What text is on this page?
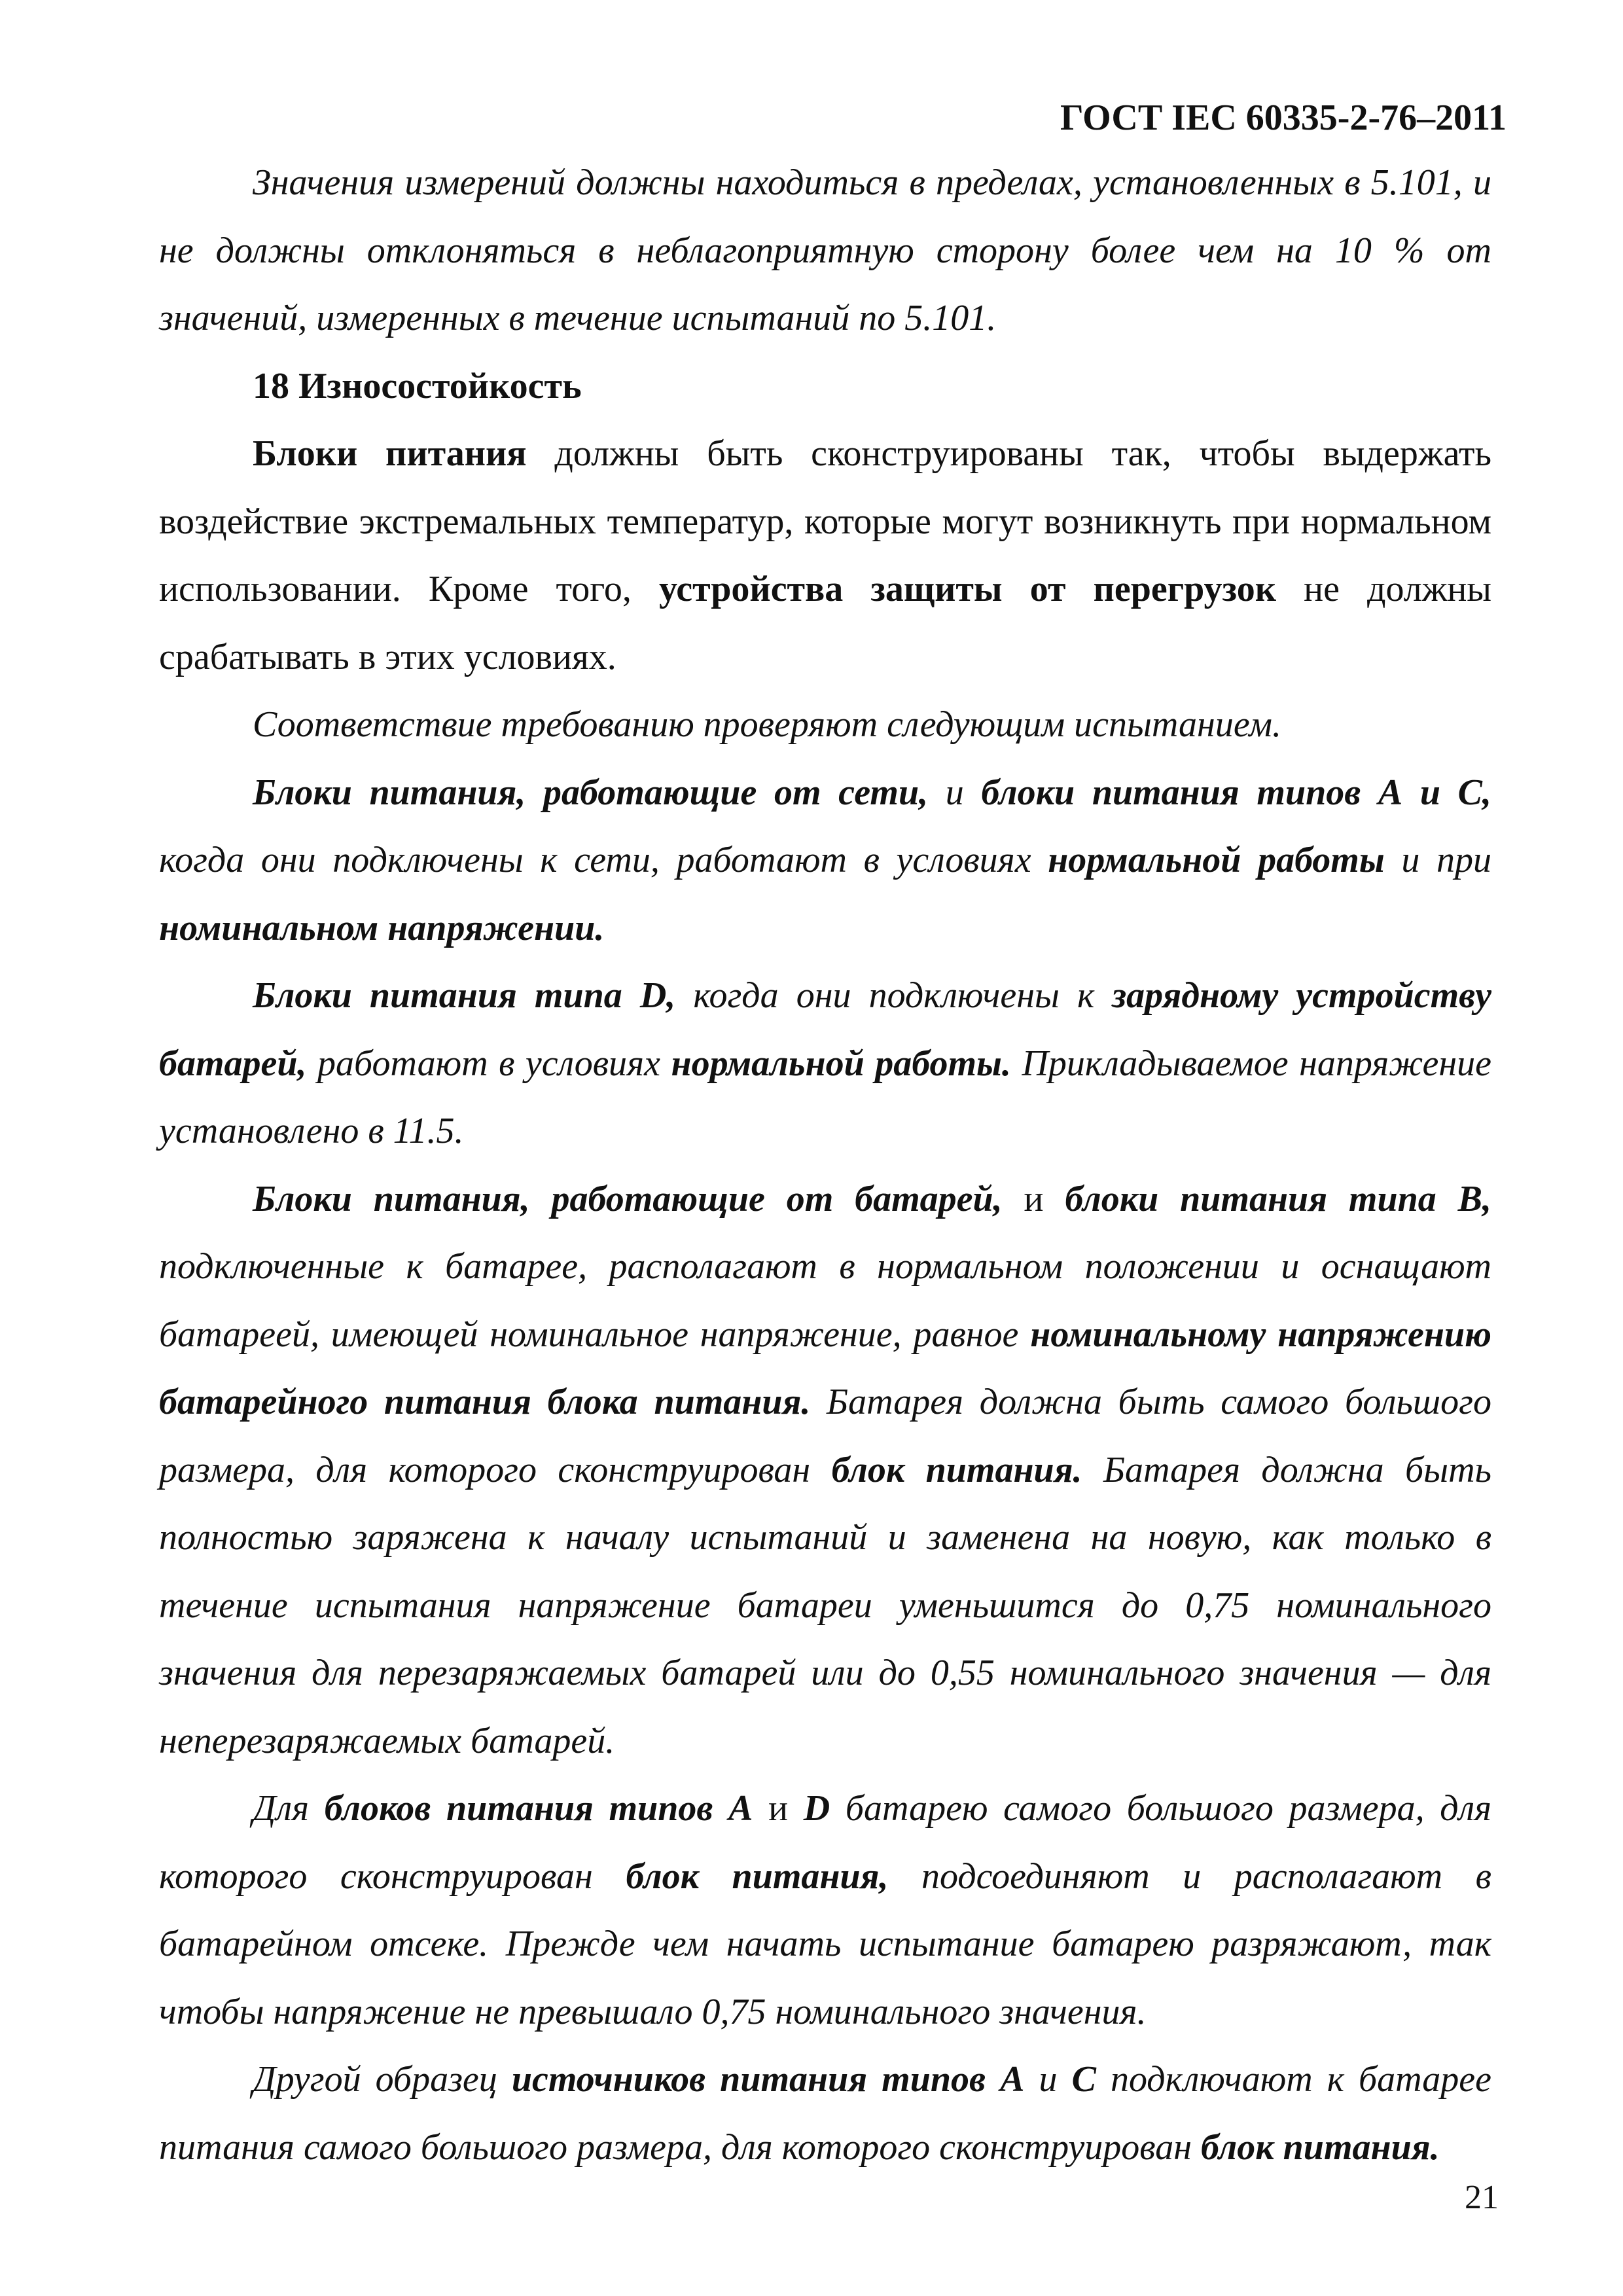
ГОСТ IEC 60335-2-76–2011

Значения измерений должны находиться в пределах, установленных в 5.101, и не должны отклоняться в неблагоприятную сторону более чем на 10 % от значений, измеренных в течение испытаний по 5.101.

18 Износостойкость

Блоки питания должны быть сконструированы так, чтобы выдержать воздействие экстремальных температур, которые могут возникнуть при нормальном использовании. Кроме того, устройства защиты от перегрузок не должны срабатывать в этих условиях.

Соответствие требованию проверяют следующим испытанием.

Блоки питания, работающие от сети, и блоки питания типов А и С, когда они подключены к сети, работают в условиях нормальной работы и при номинальном напряжении.

Блоки питания типа D, когда они подключены к зарядному устройству батарей, работают в условиях нормальной работы. Прикладываемое напряжение установлено в 11.5.

Блоки питания, работающие от батарей, и блоки питания типа В, подключенные к батарее, располагают в нормальном положении и оснащают батареей, имеющей номинальное напряжение, равное номинальному напряжению батарейного питания блока питания. Батарея должна быть самого большого размера, для которого сконструирован блок питания. Батарея должна быть полностью заряжена к началу испытаний и заменена на новую, как только в течение испытания напряжение батареи уменьшится до 0,75 номинального значения для перезаряжаемых батарей или до 0,55 номинального значения — для неперезаряжаемых батарей.

Для блоков питания типов А и D батарею самого большого размера, для которого сконструирован блок питания, подсоединяют и располагают в батарейном отсеке. Прежде чем начать испытание батарею разряжают, так чтобы напряжение не превышало 0,75 номинального значения.

Другой образец источников питания типов А и С подключают к батарее питания самого большого размера, для которого сконструирован блок питания.

21
